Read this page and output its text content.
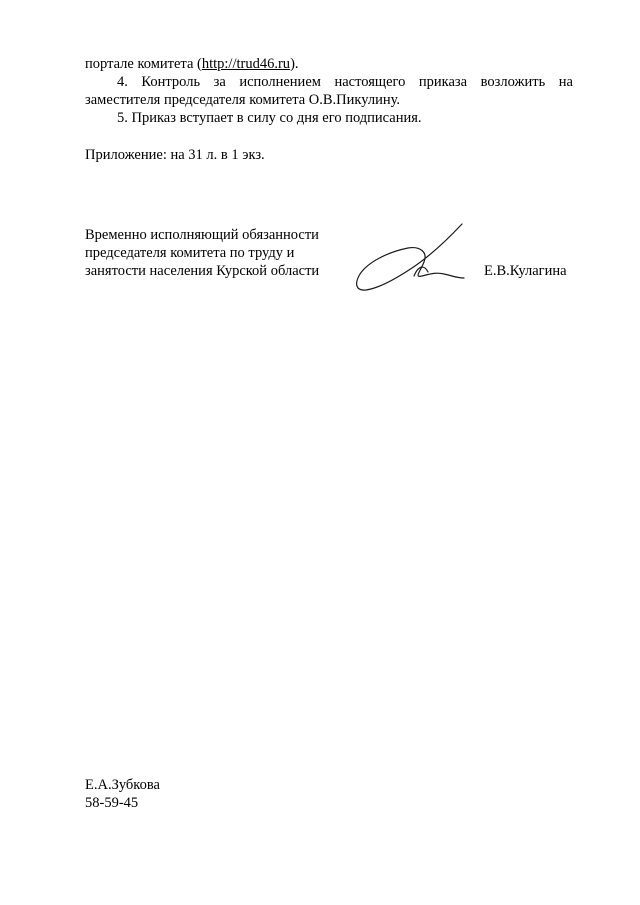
портале комитета (http://trud46.ru).
4. Контроль за исполнением настоящего приказа возложить на
заместителя председателя комитета О.В.Пикулину.
5. Приказ вступает в силу со дня его подписания.
Приложение: на 31 л. в 1 экз.
Временно исполняющий обязанности
председателя комитета по труду и
занятости населения Курской области	Е.В.Кулагина
Е.А.Зубкова
58-59-45
